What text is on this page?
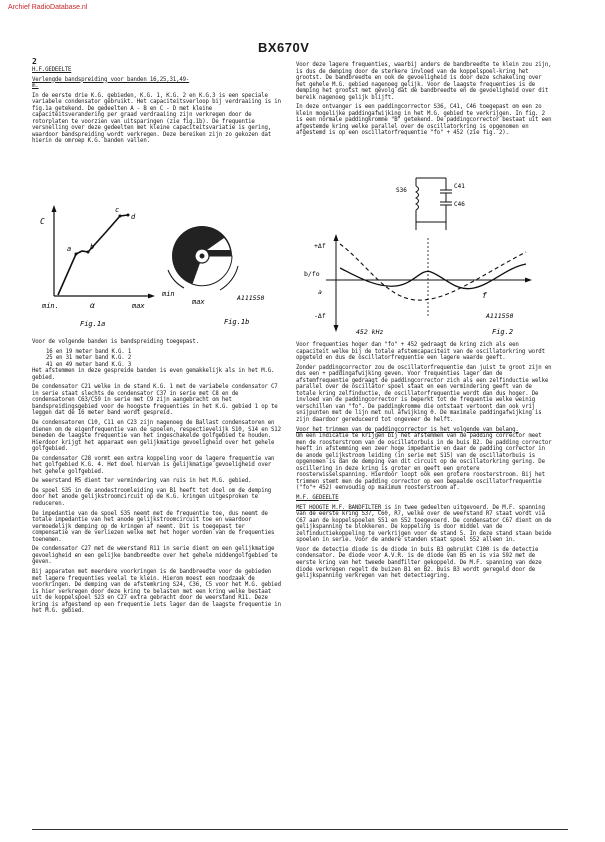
Archief RadioDatabase.nl
BX670V
2

H.F.GEDEELTE

Verlengde bandspreiding voor banden 16,25,31,49-

m.

In de eerste drie K.G. gebieden, K.G. 1, K.G. 2 en K.G.3 is een speciale variabele condensator gebruikt. Het capaciteitsverloop bij verdraaiing is in fig.1a getekend. De gedeelten A - B en C - D met kleine capaciteitsverandering per graad verdraaiing zijn verkregen door de rotorplaten te voorzien van uitsparingen (zie fig.1b). De frequentie versnelling over deze gedeelten met kleine capaciteitsvariatie is gering, waardoor bandspreiding wordt verkregen. Deze bereiken zijn zo gekozen dat hierin de omroep K.G. banden vallen.

C
a	b
c
d
min.	α	max
Fig.1a
min
max	A111550
Fig.1b

Voor de volgende banden is bandspreiding toegepast.

16 en 19 meter band K.G. 1
25 en 31 meter band K.G. 2
41 en 49 meter band K.G. 3

Het afstemmen in deze gespreide banden is even gemakkelijk als in het M.G. gebied.

De condensator C21 welke in de stand K.G. 1 met de variabele condensator C7 in serie staat slechts de condensator C37 in serie met C8 en de condensatoren C63/C59 in serie met C9 zijn aangebracht om het bandspreidingsgebied voor de hoogste frequenties in het K.G. gebied 1 op te leggen dat de 16 meter band wordt gespreid.

De condensatoren C10, C11 en C23 zijn nagenoeg de Ballast condensatoren en dienen om de eigenfrequentie van de spoelen, respectievelijk S10, S14 en S12 beneden de laagste frequentie van het ingeschakelde golfgebied te houden. Hierdoor krijgt het apparaat een gelijkmatige gevoeligheid over het gehele golfgebied.

De condensator C28 vormt een extra koppeling voor de lagere frequentie van het golfgebied K.G. 4. Het doel hiervan is gelijkmatige gevoeligheid over het gehele golfgebied.

De weerstand R5 dient ter vermindering van ruis in het M.G. gebied.

De spoel S35 in de anodestroomleiding van B1 heeft tot doel om de demping door het anode gelijkstroomcircuit op de K.G. kringen uitgesproken te reduceren.

De impedantie van de spoel S35 neemt met de frequentie toe, dus neemt de totale impedantie van het anode gelijkstroomcircuit toe en waardoor vermoedelijk demping op de kringen af neemt. Dit is toegepast ter compensatie van de verliezen welke met het hoger worden van de frequenties toenemen.

De condensator C27 met de weerstand R11 in serie dient om een gelijkmatige gevoeligheid en een gelijke bandbreedte over het gehele middengolfgebied te geven.

Bij apparaten met meerdere voorkringen is de bandbreedte voor de gebieden met lagere frequenties veelal te klein. Hierom moest een noodzaak de voorkringen. De demping van de afstemkring S24, C36, C5 voor het M.G. gebied is hier verkregen door deze kring te belasten met een kring welke bestaat uit de koppelspoel S23 en C27 extra gebracht door de weerstand R11. Deze kring is afgestemd op een frequentie iets lager dan de laagste frequentie in het M.G. gebied.

Voor deze lagere frequenties, waarbij anders de bandbreedte te klein zou zijn, is dus de demping door de sterkere invloed van de koppelspoel-kring het grootst. De bandbreedte en ook de gevoeligheid is door deze schakeling over het gehele M.G. gebied nagenoeg gelijk. Voor de laagste frequenties is de demping het grootst met gevolg dat de bandbreedte en de gevoeligheid over dit bereik nagenoeg gelijk blijft.

In deze ontvanger is een paddingcorrector S36, C41, C46 toegepast om een zo klein mogelijke paddingafwijking in het M.G. gebied te verkrijgen. In fig. 2 is een normale paddingkromme "B" getekend. De paddingcorrector bestaat uit een afgestemde kring welke parallel over de oscillatorkring is opgenomen en afgestemd is op een oscillatorfrequentie "fo" + 452 (zie fig. 2).

S36
C41
C46
+Δf
b/fo
a
-Δf
f
A111550
452 kHz	Fig.2

Voor frequenties hoger dan "fo" + 452 gedraagt de kring zich als een capaciteit welke bij de totale afstemcapaciteit van de oscillatorkring wordt opgeteld en dus de oscillatorfrequentie een lagere waarde geeft.

Zonder paddingcorrector zou de oscillatorfrequentie dan juist te groot zijn en dus een + paddingafwijking geven. Voor frequenties lager dan de afstemfrequentie gedraagt de paddingcorrector zich als een zelfinductie welke parallel over de oscillator spoel staat en een vermindering geeft van de totale kring zelfinductie, de oscillatorfrequentie wordt dan dus hoger. De invloed van de paddingcorrector is beperkt tot de frequentie welke weinig verschillen van "fo". De paddingkromme die ontstaat vertoont dan ook vrij snijpunten met de lijn met nul afwijking 0. De maximale paddingafwijking is zijn daardoor gereduceerd tot ongeveer de helft.

Voor het trimmen van de paddingcorrector is het volgende van belang.

Om een indicatie te krijgen bij het afstemmen van de padding corrector meet men de roosterstroom van de oscillatorbuis in de buis B2. De padding corrector heeft in afstemming een zeer hoge impedantie en daar de padding corrector in de anode gelijkstroom leiding (in serie met S15) van de oscillatorbuis is opgenomen is dan de demping van dit circuit op de oscillatorkring gering. De oscillering in deze kring is groter en geeft een grotere roosterwisselspanning. Hierdoor loopt ook een grotere roosterstroom. Bij het trimmen stemt men de padding corrector op een bepaalde oscillatorfrequentie ("fo"+ 452) eenvoudig op maximum roosterstroom af.

M.F. GEDEELTE

MET HOOGTE M.F. BANDFILTER is in twee gedeelten uitgevoerd. De M.F. spanning van de eerste kring S37, C60, R7, welke over de weerstand R7 staat wordt via C67 aan de koppelspoelen S51 en S52 toegevoerd. De condensator C67 dient om de gelijkspanning te blokkeren. De koppeling is door middel van de zelfinductiekoppeling te verkrijgen voor de stand 5. In deze stand staan beide spoelen in serie. Voor de andere standen staat spoel S52 alleen in.

Voor de detectie diode is de diode in buis B3 gebruikt C100 is de detectie condensator. De diode voor A.V.R. is de diode van B5 en is via S92 met de eerste kring van het tweede bandfilter gekoppeld. De M.F. spanning van deze diode verkregen regelt de buizen B1 en B2. Buis B3 wordt geregeld door de gelijkspanning verkregen van het detectiegring.
